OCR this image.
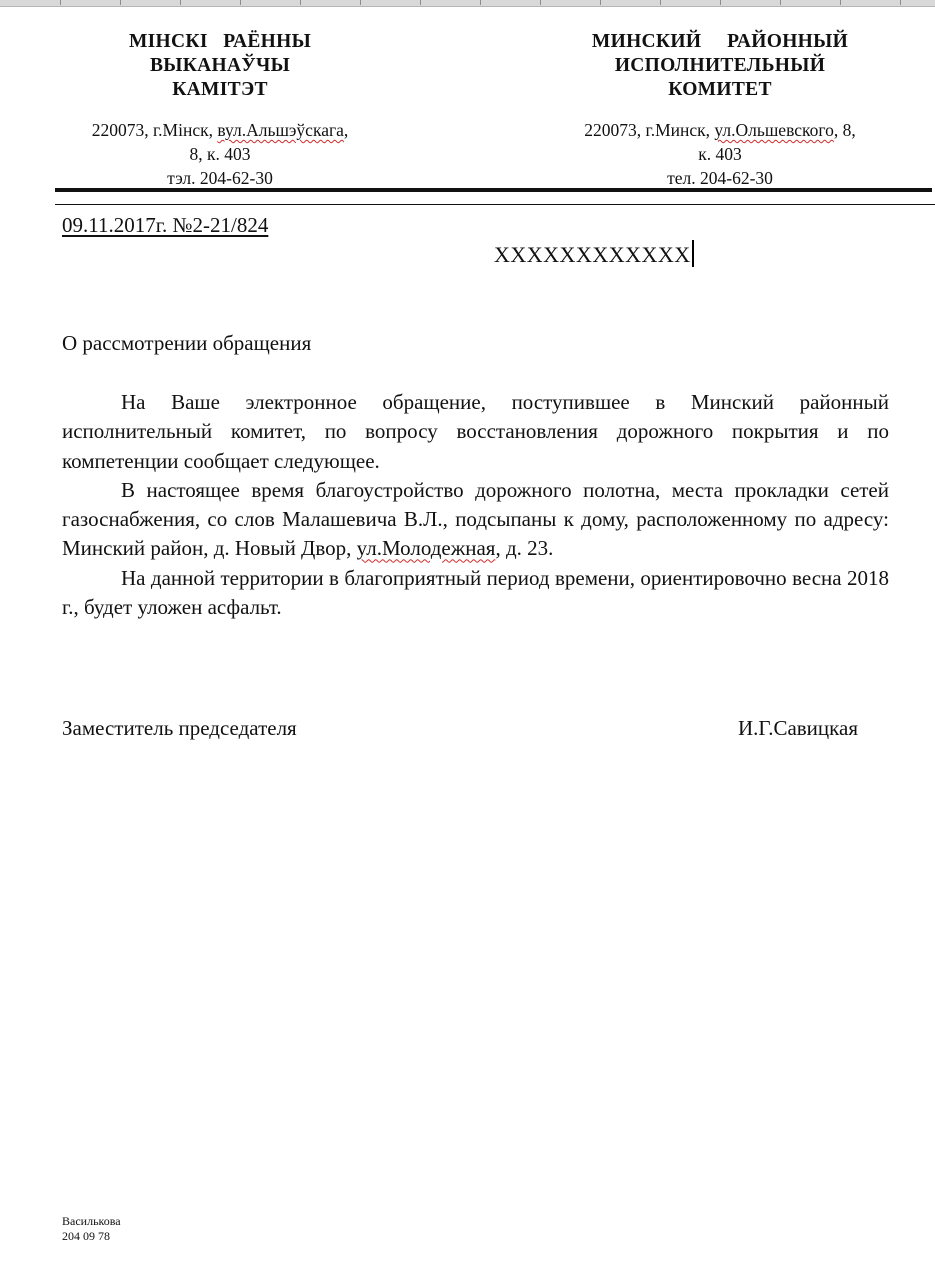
МІНСКІ   РАЁННЫ
ВЫКАНАЎЧЫ
КАМІТЭТ
220073, г.Мінск, вул.Альшэўскага,
8, к. 403
тэл. 204-62-30
МИНСКИЙ     РАЙОННЫЙ
ИСПОЛНИТЕЛЬНЫЙ
КОМИТЕТ
220073, г.Минск, ул.Ольшевского, 8,
к. 403
тел. 204-62-30
09.11.2017г. №2-21/824
XXXXXXXXXXXX
О рассмотрении обращения

На Ваше электронное обращение, поступившее в Минский районный исполнительный комитет, по вопросу восстановления дорожного покрытия и по компетенции сообщает следующее.

В настоящее время благоустройство дорожного полотна, места прокладки сетей газоснабжения, со слов Малашевича В.Л., подсыпаны к дому, расположенному по адресу: Минский район, д. Новый Двор, ул.Молодежная, д. 23.

На данной территории в благоприятный период времени, ориентировочно весна 2018 г., будет уложен асфальт.

Заместитель председателя	И.Г.Савицкая
Василькова
204 09 78
